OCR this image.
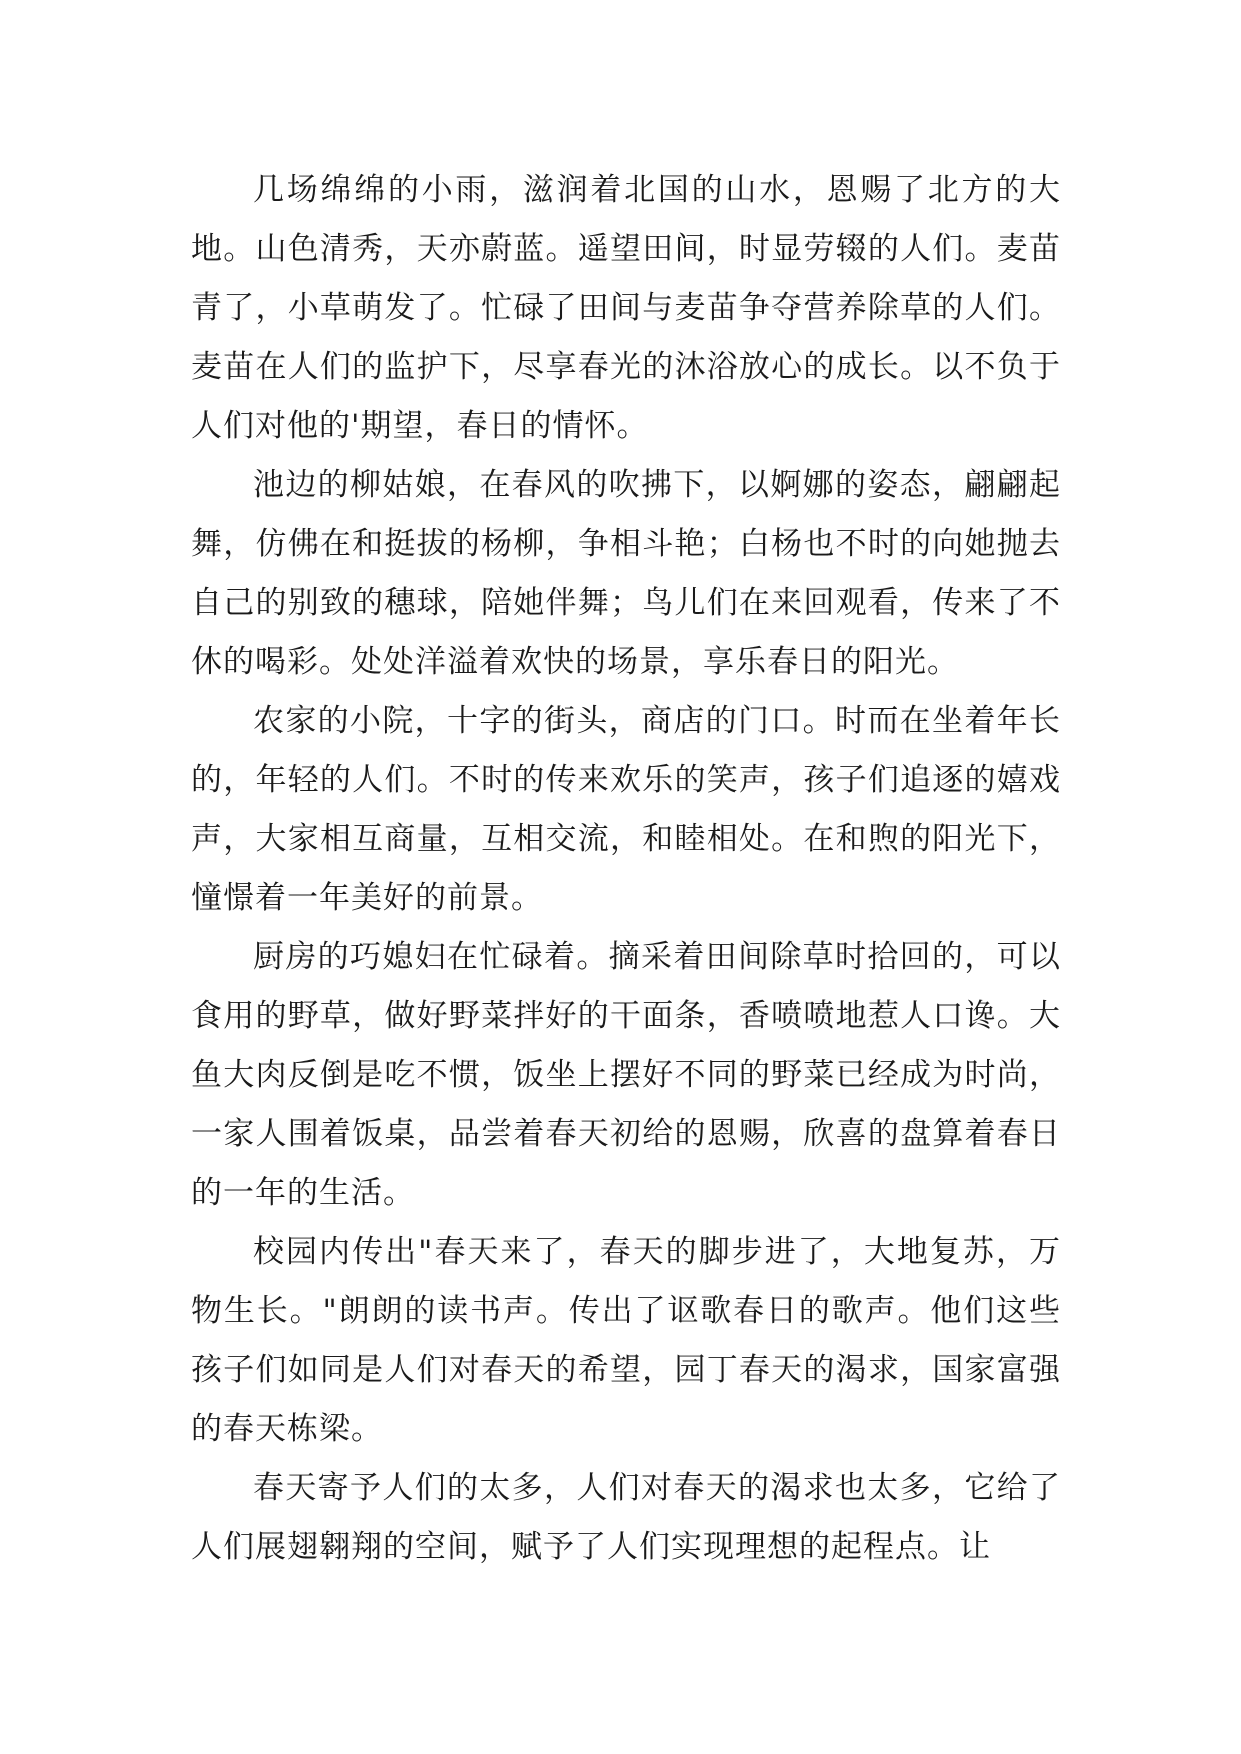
几场绵绵的小雨，滋润着北国的山水，恩赐了北方的大地。山色清秀，天亦蔚蓝。遥望田间，时显劳辍的人们。麦苗青了，小草萌发了。忙碌了田间与麦苗争夺营养除草的人们。麦苗在人们的监护下，尽享春光的沐浴放心的成长。以不负于人们对他的'期望，春日的情怀。

池边的柳姑娘，在春风的吹拂下，以婀娜的姿态，翩翩起舞，仿佛在和挺拔的杨柳，争相斗艳；白杨也不时的向她抛去自己的别致的穗球，陪她伴舞；鸟儿们在来回观看，传来了不休的喝彩。处处洋溢着欢快的场景，享乐春日的阳光。

农家的小院，十字的街头，商店的门口。时而在坐着年长的，年轻的人们。不时的传来欢乐的笑声，孩子们追逐的嬉戏声，大家相互商量，互相交流，和睦相处。在和煦的阳光下，憧憬着一年美好的前景。

厨房的巧媳妇在忙碌着。摘采着田间除草时拾回的，可以食用的野草，做好野菜拌好的干面条，香喷喷地惹人口谗。大鱼大肉反倒是吃不惯，饭坐上摆好不同的野菜已经成为时尚，一家人围着饭桌，品尝着春天初给的恩赐，欣喜的盘算着春日的一年的生活。

校园内传出"春天来了，春天的脚步进了，大地复苏，万物生长。"朗朗的读书声。传出了讴歌春日的歌声。他们这些孩子们如同是人们对春天的希望，园丁春天的渴求，国家富强的春天栋梁。

春天寄予人们的太多，人们对春天的渴求也太多，它给了人们展翅翱翔的空间，赋予了人们实现理想的起程点。让
